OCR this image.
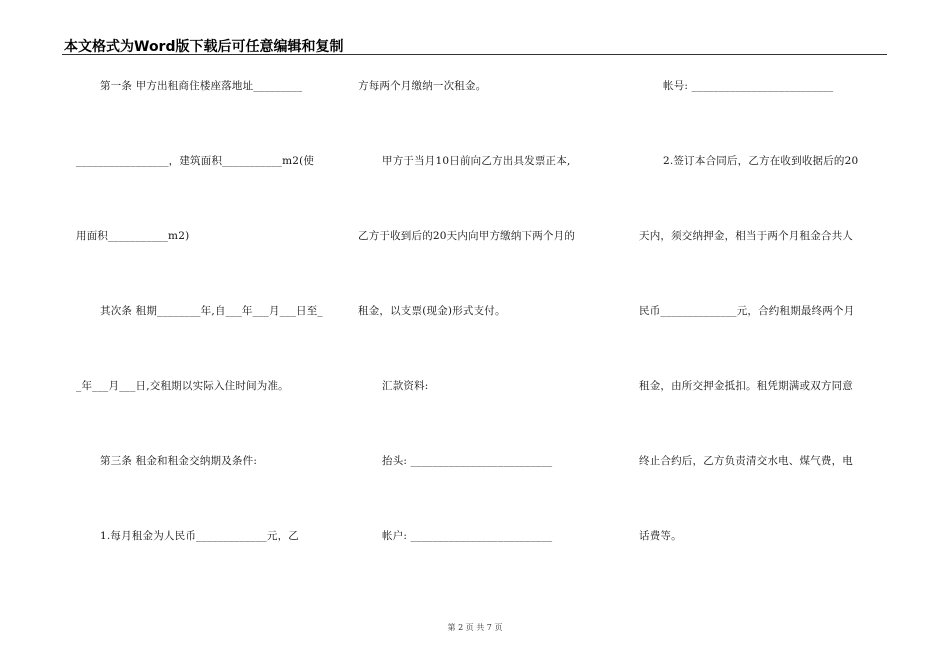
本文格式为Word版下载后可任意编辑和复制
第一条 甲方出租商住楼座落地址_________
_________________，建筑面积___________m2(使
用面积___________m2)
其次条 租期________年,自___年___月___日至_
_年___月___日,交租期以实际入住时间为准。
第三条 租金和租金交纳期及条件:
1.每月租金为人民币_____________元，乙
方每两个月缴纳一次租金。
甲方于当月10日前向乙方出具发票正本,
乙方于收到后的20天内向甲方缴纳下两个月的
租金，以支票(现金)形式支付。
汇款资料:
抬头: __________________________
帐户: __________________________
帐号: __________________________
2.签订本合同后，乙方在收到收据后的20
天内，须交纳押金，相当于两个月租金合共人
民币______________元，合约租期最终两个月
租金，由所交押金抵扣。租凭期满或双方同意
终止合约后，乙方负责清交水电、煤气费，电
话费等。
第 2 页 共 7 页
